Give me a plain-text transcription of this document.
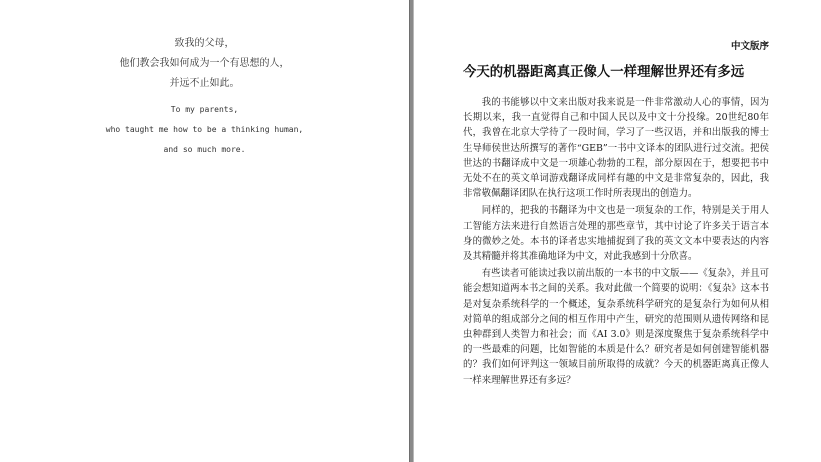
致我的父母，
他们教会我如何成为一个有思想的人，
并远不止如此。
To my parents,
who taught me how to be a thinking human,
and so much more.
中文版序
今天的机器距离真正像人一样理解世界还有多远

我的书能够以中文来出版对我来说是一件非常激动人心的事情，因为长期以来，我一直觉得自己和中国人民以及中文十分投缘。20世纪80年代，我曾在北京大学待了一段时间，学习了一些汉语，并和出版我的博士生导师侯世达所撰写的著作“GEB”一书中文译本的团队进行过交流。把侯世达的书翻译成中文是一项雄心勃勃的工程，部分原因在于，想要把书中无处不在的英文单词游戏翻译成同样有趣的中文是非常复杂的，因此，我非常敬佩翻译团队在执行这项工作时所表现出的创造力。

同样的，把我的书翻译为中文也是一项复杂的工作，特别是关于用人工智能方法来进行自然语言处理的那些章节，其中讨论了许多关于语言本身的微妙之处。本书的译者忠实地捕捉到了我的英文文本中要表达的内容及其精髓并将其准确地译为中文，对此我感到十分欣喜。

有些读者可能读过我以前出版的一本书的中文版——《复杂》，并且可能会想知道两本书之间的关系。我对此做一个简要的说明：《复杂》这本书是对复杂系统科学的一个概述，复杂系统科学研究的是复杂行为如何从相对简单的组成部分之间的相互作用中产生，研究的范围则从遗传网络和昆虫种群到人类智力和社会；而《AI 3.0》则是深度聚焦于复杂系统科学中的一些最难的问题，比如智能的本质是什么？研究者是如何创建智能机器的？我们如何评判这一领域目前所取得的成就？今天的机器距离真正像人一样来理解世界还有多远？
